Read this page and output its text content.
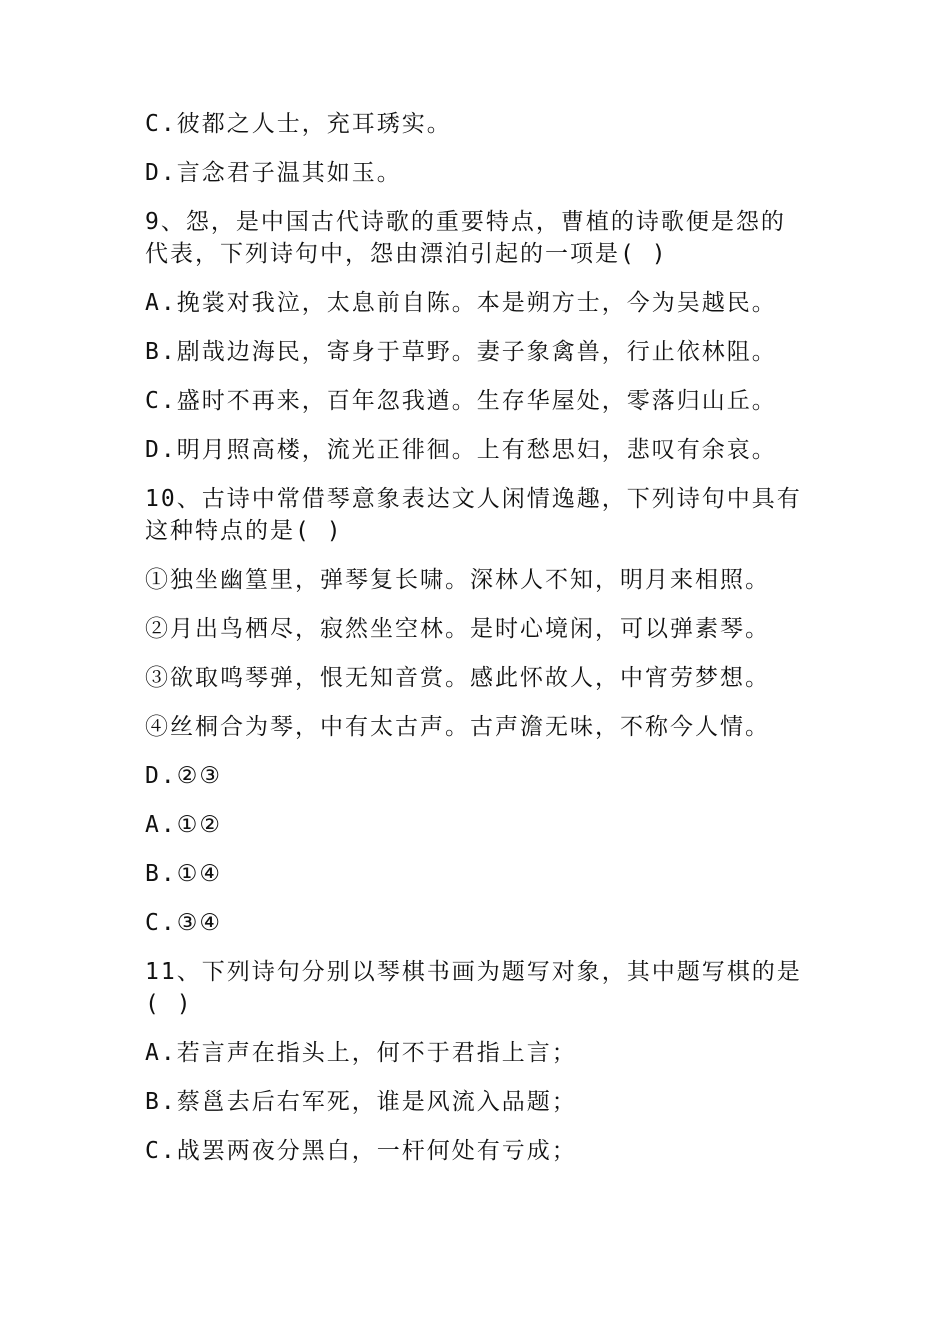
C.彼都之人士，充耳琇实。
D.言念君子温其如玉。
9、怨，是中国古代诗歌的重要特点，曹植的诗歌便是怨的代表，下列诗句中，怨由漂泊引起的一项是( )
A.挽裳对我泣，太息前自陈。本是朔方士，今为吴越民。
B.剧哉边海民，寄身于草野。妻子象禽兽，行止依林阻。
C.盛时不再来，百年忽我遒。生存华屋处，零落归山丘。
D.明月照高楼，流光正徘徊。上有愁思妇，悲叹有余哀。
10、古诗中常借琴意象表达文人闲情逸趣，下列诗句中具有这种特点的是( )
①独坐幽篁里，弹琴复长啸。深林人不知，明月来相照。
②月出鸟栖尽，寂然坐空林。是时心境闲，可以弹素琴。
③欲取鸣琴弹，恨无知音赏。感此怀故人，中宵劳梦想。
④丝桐合为琴，中有太古声。古声澹无味，不称今人情。
D.②③
A.①②
B.①④
C.③④
11、下列诗句分别以琴棋书画为题写对象，其中题写棋的是( )
A.若言声在指头上，何不于君指上言；
B.蔡邕去后右军死，谁是风流入品题；
C.战罢两夜分黑白，一杆何处有亏成；
